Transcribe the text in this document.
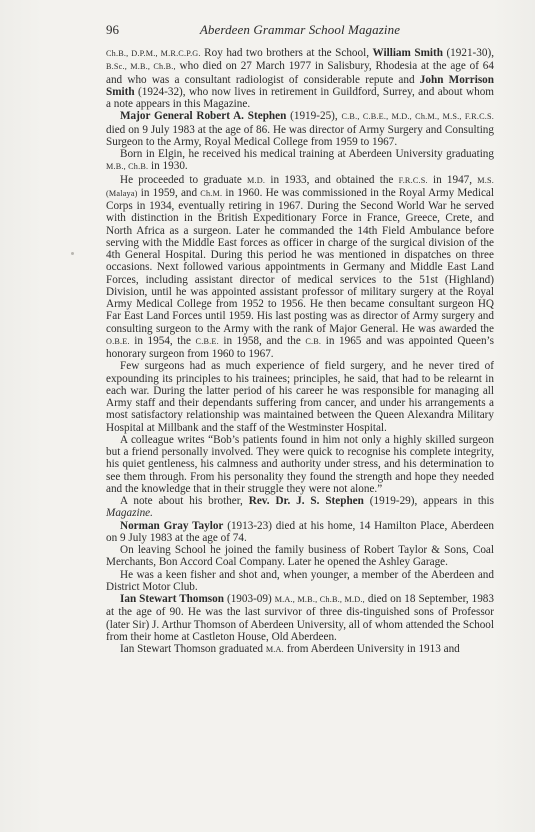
96	Aberdeen Grammar School Magazine

Ch.B., D.P.M., M.R.C.P.G. Roy had two brothers at the School, William Smith (1921-30), B.Sc., M.B., Ch.B., who died on 27 March 1977 in Salisbury, Rhodesia at the age of 64 and who was a consultant radiologist of considerable repute and John Morrison Smith (1924-32), who now lives in retirement in Guildford, Surrey, and about whom a note appears in this Magazine.

Major General Robert A. Stephen (1919-25), C.B., C.B.E., M.D., Ch.M., M.S., F.R.C.S. died on 9 July 1983 at the age of 86. He was director of Army Surgery and Consulting Surgeon to the Army, Royal Medical College from 1959 to 1967.

Born in Elgin, he received his medical training at Aberdeen University graduating M.B., Ch.B. in 1930.

He proceeded to graduate M.D. in 1933, and obtained the F.R.C.S. in 1947, M.S.(Malaya) in 1959, and Ch.M. in 1960. He was commissioned in the Royal Army Medical Corps in 1934, eventually retiring in 1967. During the Second World War he served with distinction in the British Expeditionary Force in France, Greece, Crete, and North Africa as a surgeon. Later he commanded the 14th Field Ambulance before serving with the Middle East forces as officer in charge of the surgical division of the 4th General Hospital. During this period he was mentioned in dispatches on three occasions. Next followed various appointments in Germany and Middle East Land Forces, including assistant director of medical services to the 51st (Highland) Division, until he was appointed assistant professor of military surgery at the Royal Army Medical College from 1952 to 1956. He then became consultant surgeon HQ Far East Land Forces until 1959. His last posting was as director of Army surgery and consulting surgeon to the Army with the rank of Major General. He was awarded the O.B.E. in 1954, the C.B.E. in 1958, and the C.B. in 1965 and was appointed Queen’s honorary surgeon from 1960 to 1967.

Few surgeons had as much experience of field surgery, and he never tired of expounding its principles to his trainees; principles, he said, that had to be relearnt in each war. During the latter period of his career he was responsible for managing all Army staff and their dependants suffering from cancer, and under his arrangements a most satisfactory relationship was maintained between the Queen Alexandra Military Hospital at Millbank and the staff of the Westminster Hospital.

A colleague writes “Bob’s patients found in him not only a highly skilled surgeon but a friend personally involved. They were quick to recognise his complete integrity, his quiet gentleness, his calmness and authority under stress, and his determination to see them through. From his personality they found the strength and hope they needed and the knowledge that in their struggle they were not alone.”

A note about his brother, Rev. Dr. J. S. Stephen (1919-29), appears in this Magazine.

Norman Gray Taylor (1913-23) died at his home, 14 Hamilton Place, Aberdeen on 9 July 1983 at the age of 74.

On leaving School he joined the family business of Robert Taylor & Sons, Coal Merchants, Bon Accord Coal Company. Later he opened the Ashley Garage.

He was a keen fisher and shot and, when younger, a member of the Aberdeen and District Motor Club.

Ian Stewart Thomson (1903-09) M.A., M.B., Ch.B., M.D., died on 18 September, 1983 at the age of 90. He was the last survivor of three dis-tinguished sons of Professor (later Sir) J. Arthur Thomson of Aberdeen University, all of whom attended the School from their home at Castleton House, Old Aberdeen.

Ian Stewart Thomson graduated M.A. from Aberdeen University in 1913 and
